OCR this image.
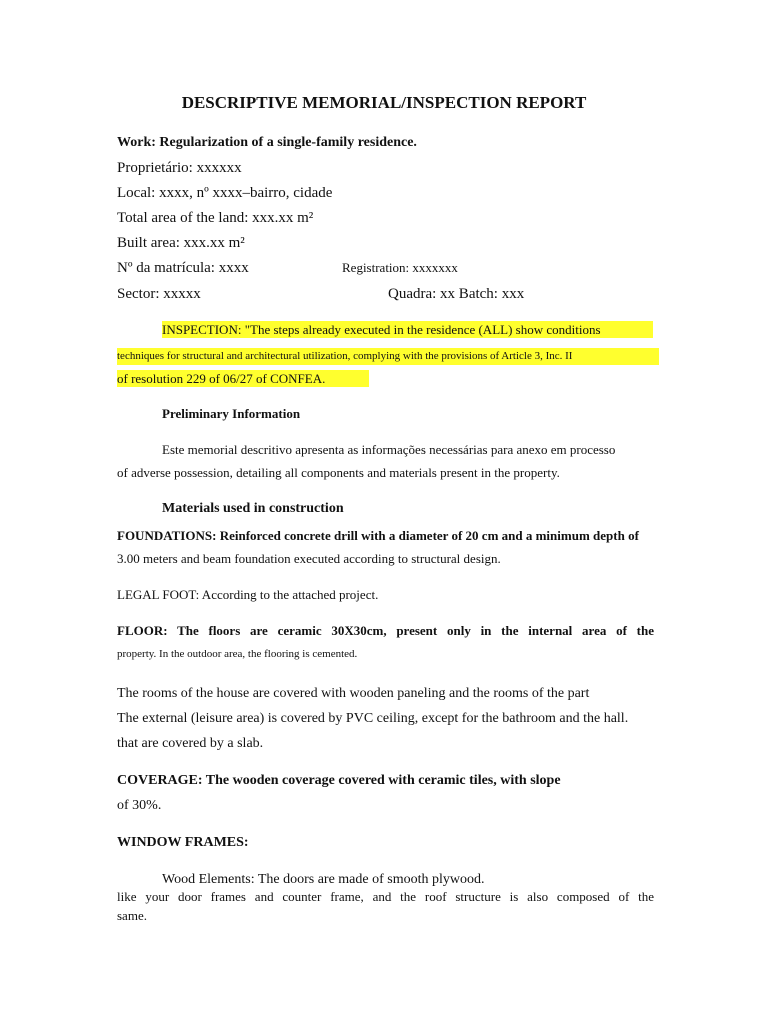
DESCRIPTIVE MEMORIAL/INSPECTION REPORT
Work: Regularization of a single-family residence.
Proprietário: xxxxxx
Local: xxxx, nº xxxx–bairro, cidade
Total area of the land: xxx.xx m²
Built area: xxx.xx m²
Nº da matrícula: xxxx	Registration: xxxxxxx
Sector: xxxxx	Quadra: xx Batch: xxx
INSPECTION: "The steps already executed in the residence (ALL) show conditions
techniques for structural and architectural utilization, complying with the provisions of Article 3, Inc. II
of resolution 229 of 06/27 of CONFEA.
Preliminary Information
Este memorial descritivo apresenta as informações necessárias para anexo em processo
of adverse possession, detailing all components and materials present in the property.
Materials used in construction
FOUNDATIONS: Reinforced concrete drill with a diameter of 20 cm and a minimum depth of
3.00 meters and beam foundation executed according to structural design.
LEGAL FOOT: According to the attached project.
FLOOR: The floors are ceramic 30X30cm, present only in the internal area of the
property. In the outdoor area, the flooring is cemented.
The rooms of the house are covered with wooden paneling and the rooms of the part
The external (leisure area) is covered by PVC ceiling, except for the bathroom and the hall.
that are covered by a slab.
COVERAGE: The wooden coverage covered with ceramic tiles, with slope
of 30%.
WINDOW FRAMES:
Wood Elements: The doors are made of smooth plywood.
like your door frames and counter frame, and the roof structure is also composed of the
same.
